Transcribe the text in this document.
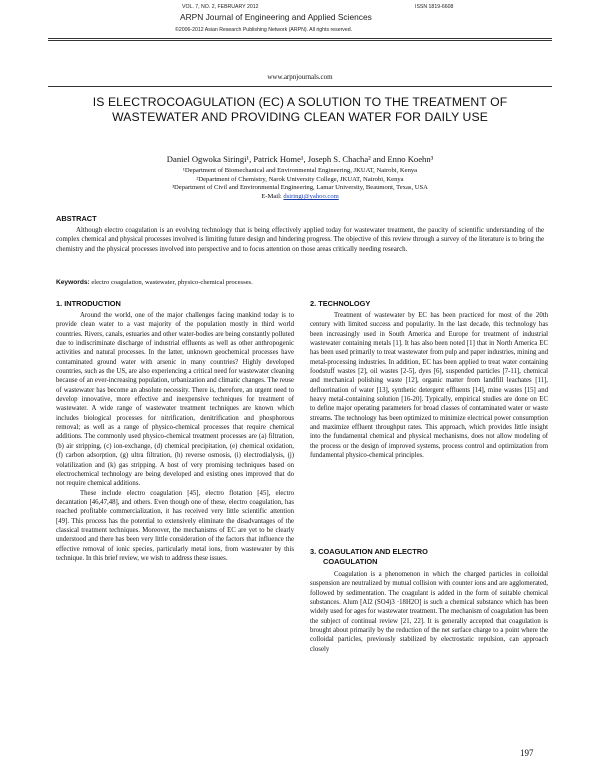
VOL. 7, NO. 2, FEBRUARY 2012	ISSN 1819-6608
ARPN Journal of Engineering and Applied Sciences
©2006-2012 Asian Research Publishing Network (ARPN). All rights reserved.
www.arpnjournals.com
IS ELECTROCOAGULATION (EC) A SOLUTION TO THE TREATMENT OF WASTEWATER AND PROVIDING CLEAN WATER FOR DAILY USE
Daniel Ogwoka Siringi¹, Patrick Home¹, Joseph S. Chacha² and Enno Koehn³
¹Department of Biomechanical and Environmental Engineering, JKUAT, Nairobi, Kenya
²Department of Chemistry, Narok University College, JKUAT, Nairobi, Kenya
³Department of Civil and Environmental Engineering, Lamar University, Beaumont, Texas, USA
E-Mail: dsiringi@yahoo.com
ABSTRACT
Although electro coagulation is an evolving technology that is being effectively applied today for wastewater treatment, the paucity of scientific understanding of the complex chemical and physical processes involved is limiting future design and hindering progress. The objective of this review through a survey of the literature is to bring the chemistry and the physical processes involved into perspective and to focus attention on those areas critically needing research.
Keywords: electro coagulation, wastewater, physico-chemical processes.
1. INTRODUCTION

Around the world, one of the major challenges facing mankind today is to provide clean water to a vast majority of the population mostly in third world countries. Rivers, canals, estuaries and other water-bodies are being constantly polluted due to indiscriminate discharge of industrial effluents as well as other anthropogenic activities and natural processes. In the latter, unknown geochemical processes have contaminated ground water with arsenic in many countries? Highly developed countries, such as the US, are also experiencing a critical need for wastewater cleaning because of an ever-increasing population, urbanization and climatic changes. The reuse of wastewater has become an absolute necessity. There is, therefore, an urgent need to develop innovative, more effective and inexpensive techniques for treatment of wastewater. A wide range of wastewater treatment techniques are known which includes biological processes for nitrification, denitrification and phosphorous removal; as well as a range of physico-chemical processes that require chemical additions. The commonly used physico-chemical treatment processes are (a) filtration, (b) air stripping, (c) ion-exchange, (d) chemical precipitation, (e) chemical oxidation, (f) carbon adsorption, (g) ultra filtration, (h) reverse osmosis, (i) electrodialysis, (j) volatilization and (k) gas stripping. A host of very promising techniques based on electrochemical technology are being developed and existing ones improved that do not require chemical additions.

These include electro coagulation [45], electro flotation [45], electro decantation [46,47,48], and others. Even though one of these, electro coagulation, has reached profitable commercialization, it has received very little scientific attention [49]. This process has the potential to extensively eliminate the disadvantages of the classical treatment techniques. Moreover, the mechanisms of EC are yet to be clearly understood and there has been very little consideration of the factors that influence the effective removal of ionic species, particularly metal ions, from wastewater by this technique. In this brief review, we wish to address these issues.

2. TECHNOLOGY

Treatment of wastewater by EC has been practiced for most of the 20th century with limited success and popularity. In the last decade, this technology has been increasingly used in South America and Europe for treatment of industrial wastewater containing metals [1]. It has also been noted [1] that in North America EC has been used primarily to treat wastewater from pulp and paper industries, mining and metal-processing industries. In addition, EC has been applied to treat water containing foodstuff wastes [2], oil wastes [2-5], dyes [6], suspended particles [7-11], chemical and mechanical polishing waste [12], organic matter from landfill leachates [11], defluorination of water [13], synthetic detergent effluents [14], mine wastes [15] and heavy metal-containing solution [16-20]. Typically, empirical studies are done on EC to define major operating parameters for broad classes of contaminated water or waste streams. The technology has been optimized to minimize electrical power consumption and maximize effluent throughput rates. This approach, which provides little insight into the fundamental chemical and physical mechanisms, does not allow modeling of the process or the design of improved systems, process control and optimization from fundamental physico-chemical principles.

3. COAGULATION AND ELECTRO
COAGULATION

Coagulation is a phenomenon in which the charged particles in colloidal suspension are neutralized by mutual collision with counter ions and are agglomerated, followed by sedimentation. The coagulant is added in the form of suitable chemical substances. Alum [Al2 (SO4)3 ·18H2O] is such a chemical substance which has been widely used for ages for wastewater treatment. The mechanism of coagulation has been the subject of continual review [21, 22]. It is generally accepted that coagulation is brought about primarily by the reduction of the net surface charge to a point where the colloidal particles, previously stabilized by electrostatic repulsion, can approach closely

197
